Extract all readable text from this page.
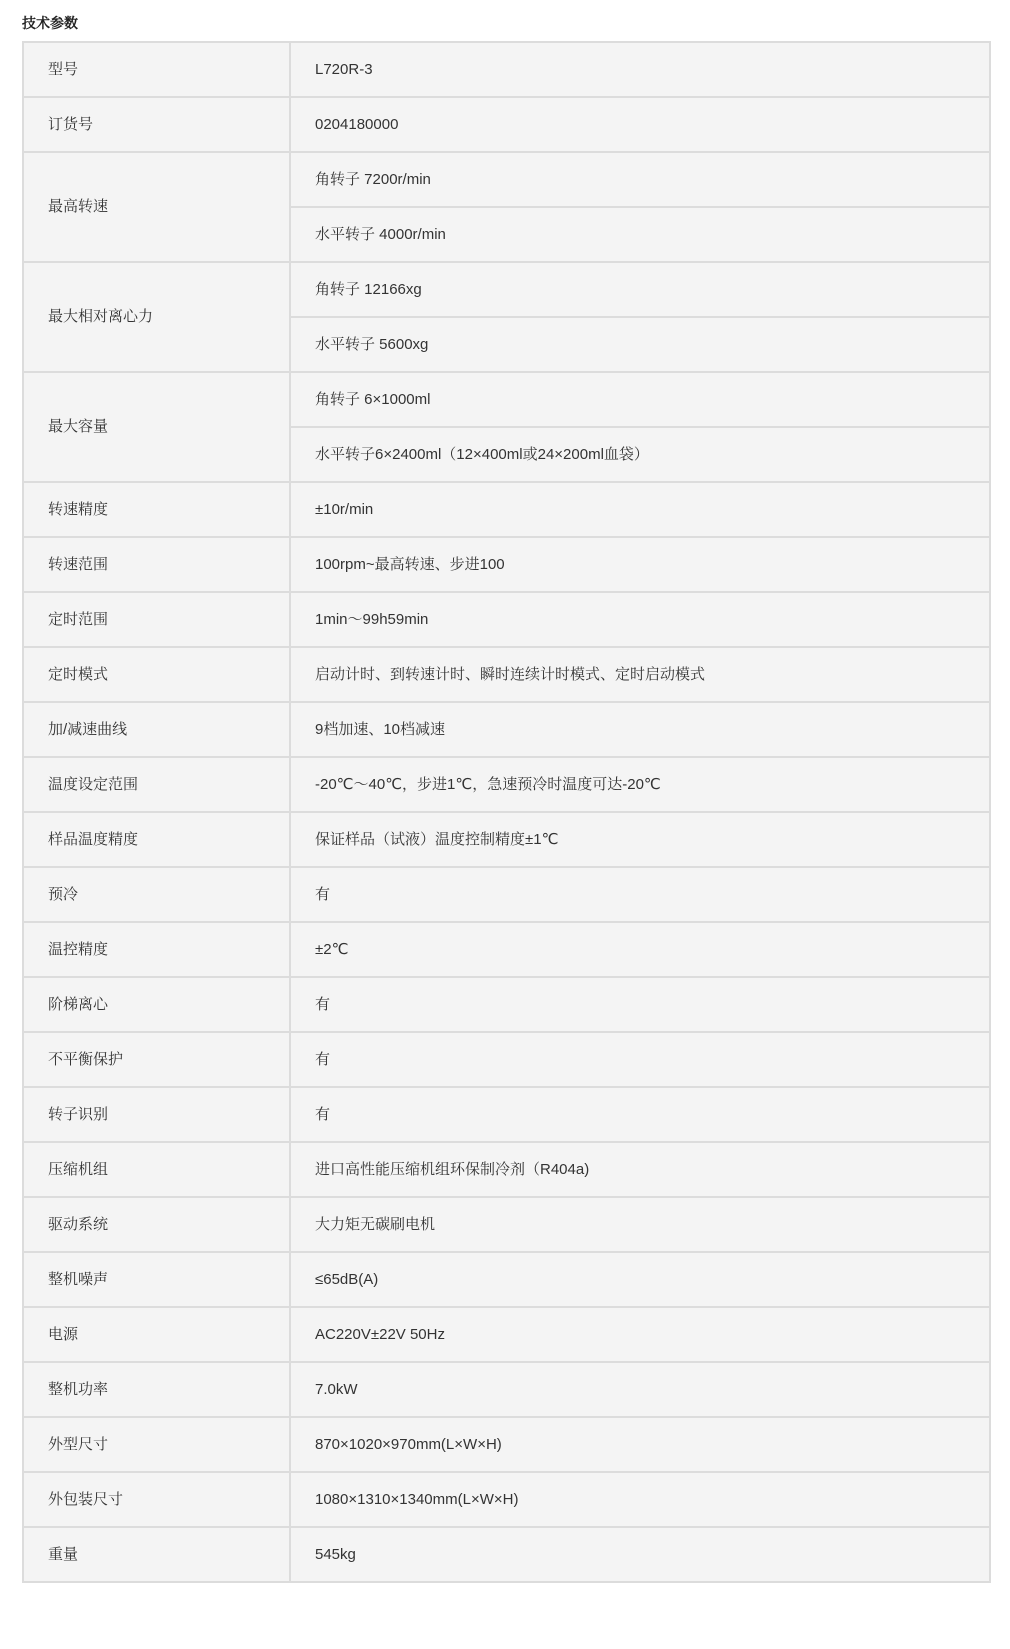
技术参数
型号	L720R-3
订货号	0204180000
最高转速	角转子 7200r/min
	水平转子 4000r/min
最大相对离心力	角转子 12166xg
	水平转子 5600xg
最大容量	角转子 6×1000ml
	水平转子6×2400ml（12×400ml或24×200ml血袋）
转速精度	±10r/min
转速范围	100rpm~最高转速、步进100
定时范围	1min～99h59min
定时模式	启动计时、到转速计时、瞬时连续计时模式、定时启动模式
加/减速曲线	9档加速、10档减速
温度设定范围	-20℃～40℃，步进1℃，急速预冷时温度可达-20℃
样品温度精度	保证样品（试液）温度控制精度±1℃
预冷	有
温控精度	±2℃
阶梯离心	有
不平衡保护	有
转子识别	有
压缩机组	进口高性能压缩机组环保制冷剂（R404a)
驱动系统	大力矩无碳刷电机
整机噪声	≤65dB(A)
电源	AC220V±22V 50Hz
整机功率	7.0kW
外型尺寸	870×1020×970mm(L×W×H)
外包装尺寸	1080×1310×1340mm(L×W×H)
重量	545kg
